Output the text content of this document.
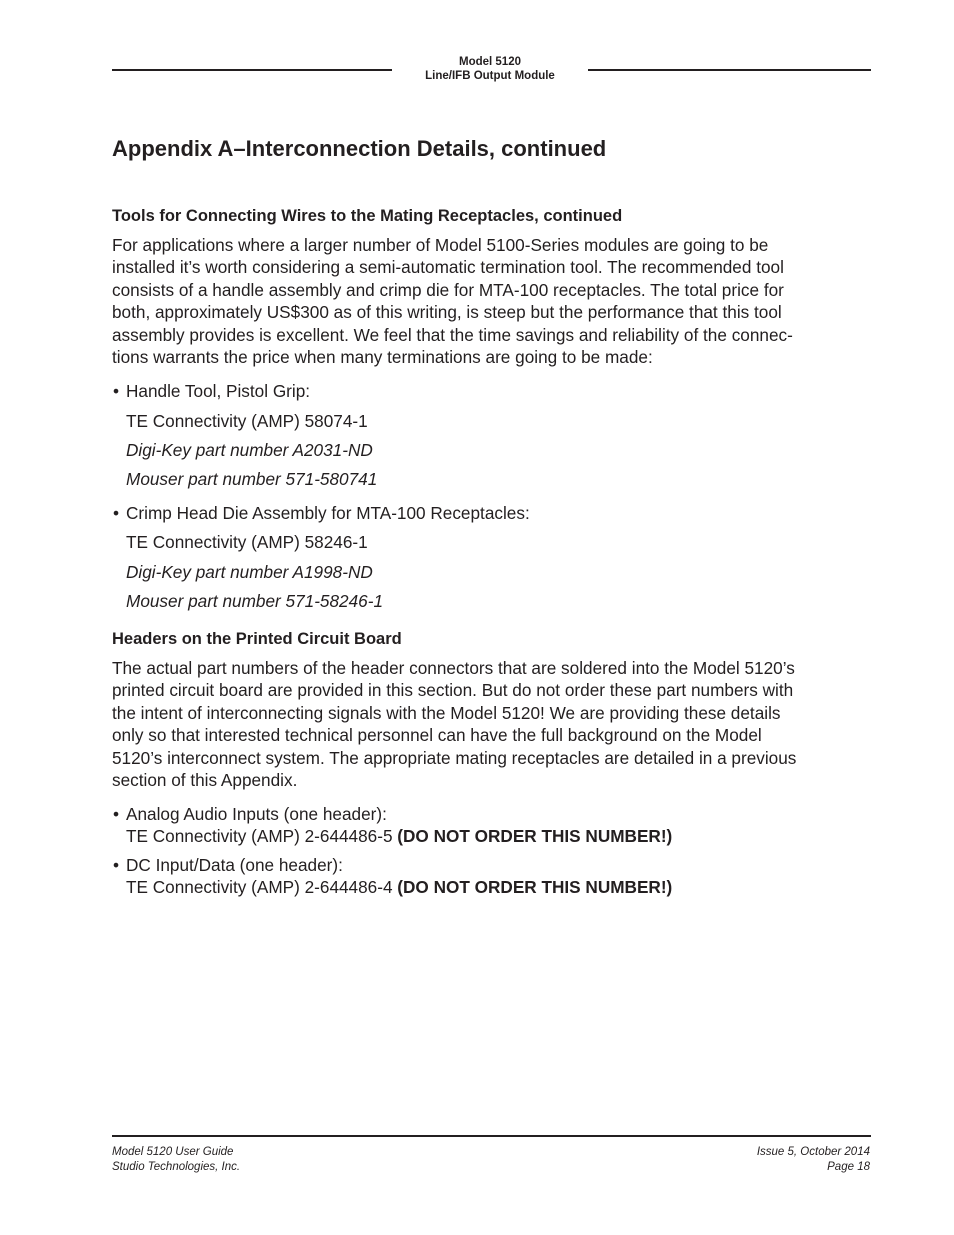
Model 5120
Line/IFB Output Module
Appendix A–Interconnection Details, continued
Tools for Connecting Wires to the Mating Receptacles, continued
For applications where a larger number of Model 5100-Series modules are going to be
installed it’s worth considering a semi-automatic termination tool. The recommended tool
consists of a handle assembly and crimp die for MTA-100 receptacles. The total price for
both, approximately US$300 as of this writing, is steep but the performance that this tool
assembly provides is excellent. We feel that the time savings and reliability of the connec-
tions warrants the price when many terminations are going to be made:
• Handle Tool, Pistol Grip:
TE Connectivity (AMP) 58074-1
Digi-Key part number A2031-ND
Mouser part number 571-580741
• Crimp Head Die Assembly for MTA-100 Receptacles:
TE Connectivity (AMP) 58246-1
Digi-Key part number A1998-ND
Mouser part number 571-58246-1
Headers on the Printed Circuit Board
The actual part numbers of the header connectors that are soldered into the Model 5120’s
printed circuit board are provided in this section. But do not order these part numbers with
the intent of interconnecting signals with the Model 5120! We are providing these details
only so that interested technical personnel can have the full background on the Model
5120’s interconnect system. The appropriate mating receptacles are detailed in a previous
section of this Appendix.
• Analog Audio Inputs (one header):
TE Connectivity (AMP) 2-644486-5 (DO NOT ORDER THIS NUMBER!)
• DC Input/Data (one header):
TE Connectivity (AMP) 2-644486-4 (DO NOT ORDER THIS NUMBER!)
Model 5120 User Guide
Studio Technologies, Inc.
Issue 5, October 2014
Page 18
